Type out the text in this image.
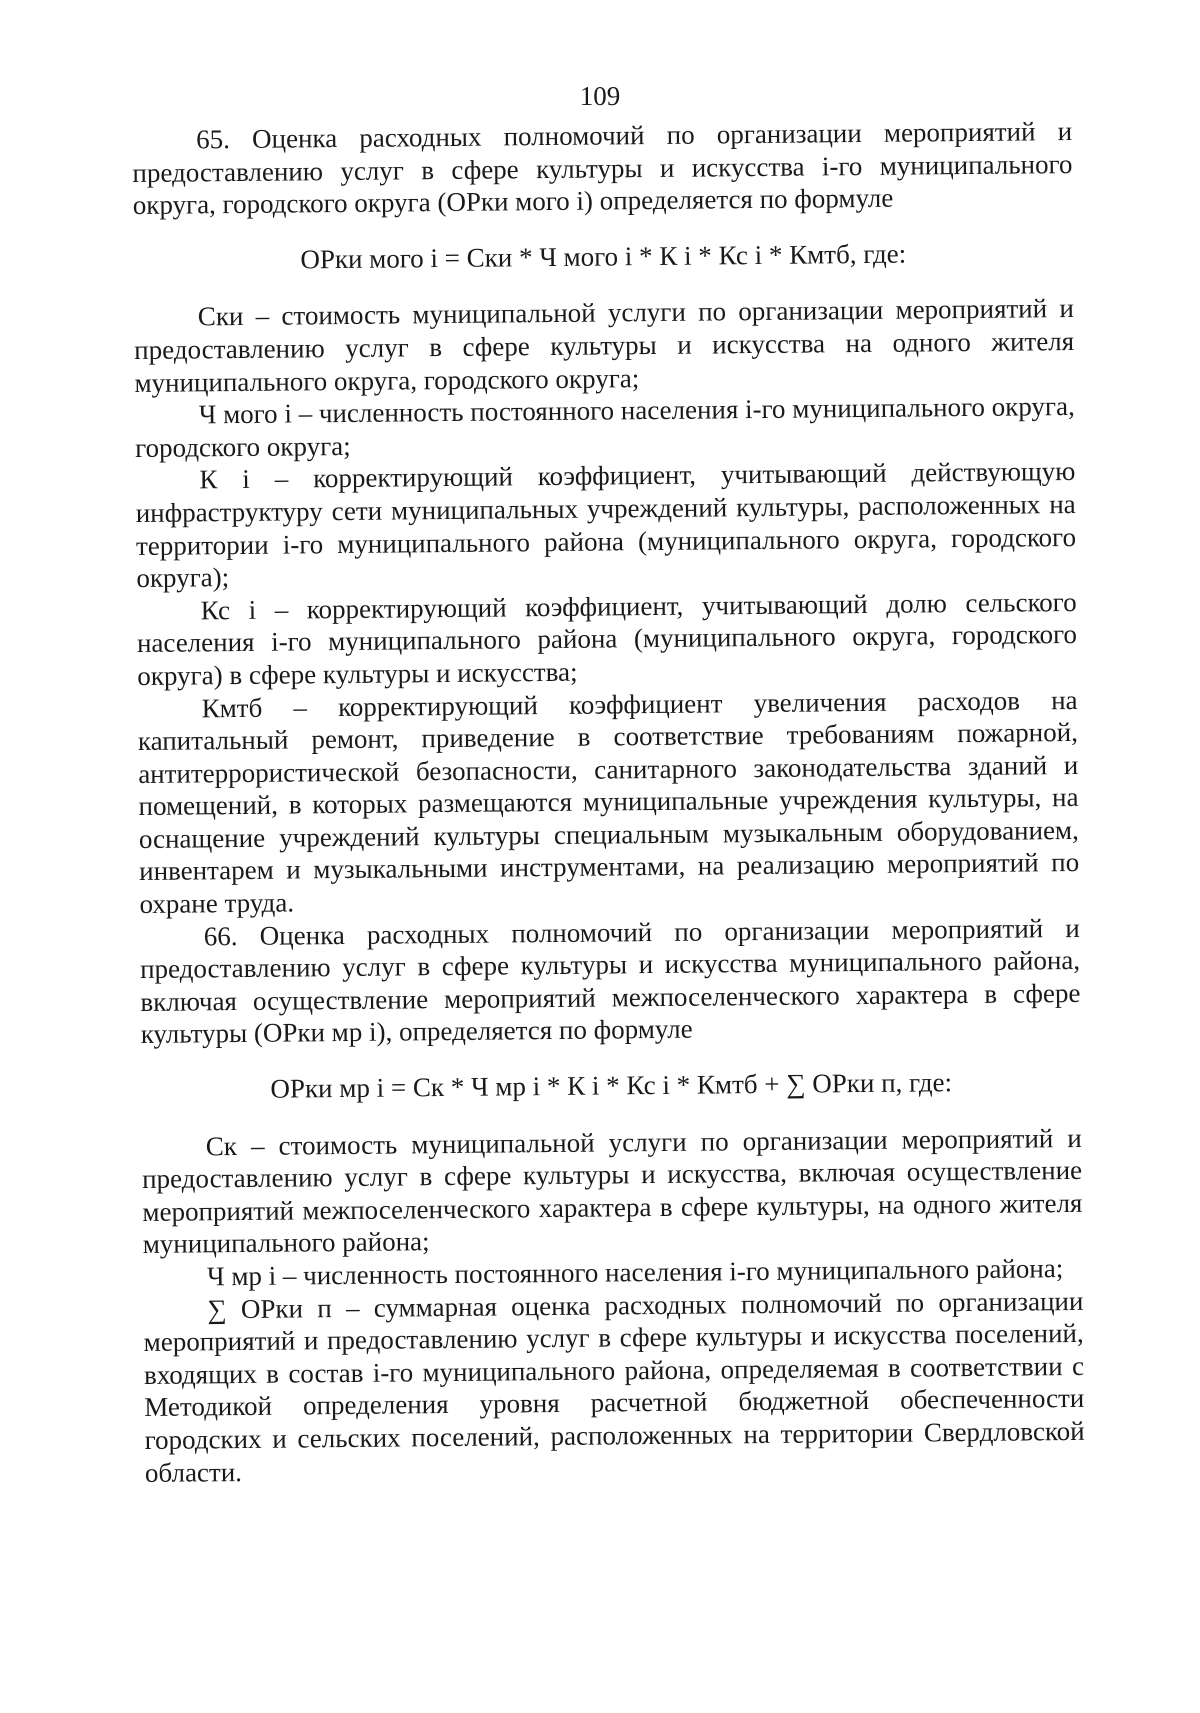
109

65. Оценка расходных полномочий по организации мероприятий и предоставлению услуг в сфере культуры и искусства i-го муниципального округа, городского округа (ОРки мого i) определяется по формуле

ОРки мого i = Ски * Ч мого i * К i * Кс i * Кмтб, где:

Ски – стоимость муниципальной услуги по организации мероприятий и предоставлению услуг в сфере культуры и искусства на одного жителя муниципального округа, городского округа;

Ч мого i – численность постоянного населения i-го муниципального округа, городского округа;

К i – корректирующий коэффициент, учитывающий действующую инфраструктуру сети муниципальных учреждений культуры, расположенных на территории i-го муниципального района (муниципального округа, городского округа);

Кс i – корректирующий коэффициент, учитывающий долю сельского населения i-го муниципального района (муниципального округа, городского округа) в сфере культуры и искусства;

Кмтб – корректирующий коэффициент увеличения расходов на капитальный ремонт, приведение в соответствие требованиям пожарной, антитеррористической безопасности, санитарного законодательства зданий и помещений, в которых размещаются муниципальные учреждения культуры, на оснащение учреждений культуры специальным музыкальным оборудованием, инвентарем и музыкальными инструментами, на реализацию мероприятий по охране труда.

66. Оценка расходных полномочий по организации мероприятий и предоставлению услуг в сфере культуры и искусства муниципального района, включая осуществление мероприятий межпоселенческого характера в сфере культуры (ОРки мр i), определяется по формуле

ОРки мр i = Ск * Ч мр i * К i * Кс i * Кмтб + ∑ ОРки п, где:

Ск – стоимость муниципальной услуги по организации мероприятий и предоставлению услуг в сфере культуры и искусства, включая осуществление мероприятий межпоселенческого характера в сфере культуры, на одного жителя муниципального района;

Ч мр i – численность постоянного населения i-го муниципального района;

∑ ОРки п – суммарная оценка расходных полномочий по организации мероприятий и предоставлению услуг в сфере культуры и искусства поселений, входящих в состав i-го муниципального района, определяемая в соответствии с Методикой определения уровня расчетной бюджетной обеспеченности городских и сельских поселений, расположенных на территории Свердловской области.
